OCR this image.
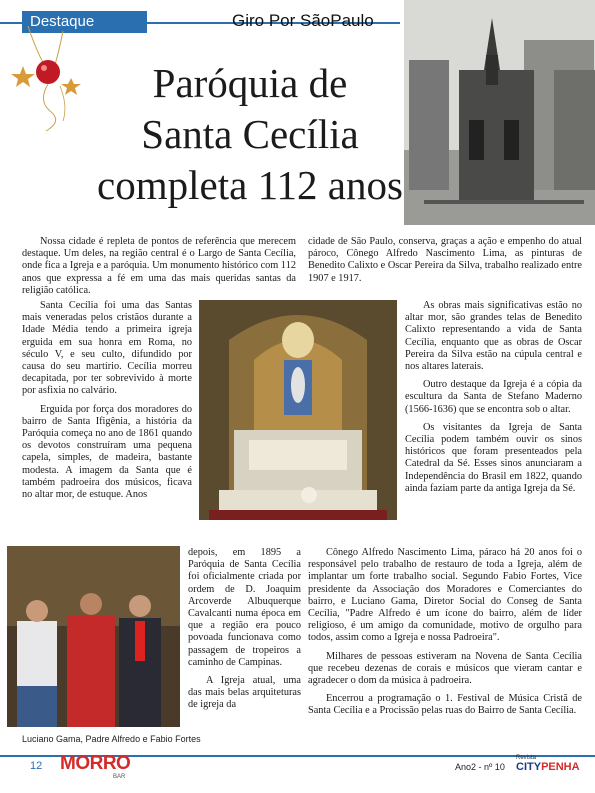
Destaque	Giro Por SãoPaulo
Paróquia de
Santa Cecília
completa 112 anos

Nossa cidade é repleta de pontos de referência que merecem destaque. Um deles, na região central é o Largo de Santa Cecília, onde fica a Igreja e a paróquia. Um monumento histórico com 112 anos que expressa a fé em uma das mais queridas santas da religião católica.

cidade de São Paulo, conserva, graças a ação e empenho do atual pároco, Cônego Alfredo Nascimento Lima, as pinturas de Benedito Calixto e Oscar Pereira da Silva, trabalho realizado entre 1907 e 1917.

Santa Cecília foi uma das Santas mais veneradas pelos cristãos durante a Idade Média tendo a primeira igreja erguida em sua honra em Roma, no século V, e seu culto, difundido por causa do seu martírio. Cecília morreu decapitada, por ter sobrevivido à morte por asfixia no calvário.

Erguida por força dos moradores do bairro de Santa Ifigênia, a história da Paróquia começa no ano de 1861 quando os devotos construíram uma pequena capela, simples, de madeira, bastante modesta. A imagem da Santa que é também padroeira dos músicos, ficava no altar mor, de estuque. Anos

As obras mais significativas estão no altar mor, são grandes telas de Benedito Calixto representando a vida de Santa Cecília, enquanto que as obras de Oscar Pereira da Silva estão na cúpula central e nos altares laterais.

Outro destaque da Igreja é a cópia da escultura da Santa de Stefano Maderno (1566-1636) que se encontra sob o altar.

Os visitantes da Igreja de Santa Cecília podem também ouvir os sinos históricos que foram presenteados pela Catedral da Sé. Esses sinos anunciaram a Independência do Brasil em 1822, quando ainda faziam parte da antiga Igreja da Sé.

Luciano Gama, Padre Alfredo e Fabio Fortes

depois, em 1895 a Paróquia de Santa Cecília foi oficialmente criada por ordem de D. Joaquim Arcoverde Albuquerque Cavalcanti numa época em que a região era pouco povoada funcionava como passagem de tropeiros a caminho de Campinas.

A Igreja atual, uma das mais belas arquiteturas de igreja da

Cônego Alfredo Nascimento Lima, páraco há 20 anos foi o responsável pelo trabalho de restauro de toda a Igreja, além de implantar um forte trabalho social. Segundo Fabio Fortes, Vice presidente da Associação dos Moradores e Comerciantes do bairro, e Luciano Gama, Diretor Social do Conseg de Santa Cecília, "Padre Alfredo é um ícone do bairro, além de líder religioso, é um amigo da comunidade, motivo de orgulho para todos, assim como a Igreja e nossa Padroeira".

Milhares de pessoas estiveram na Novena de Santa Cecília que recebeu dezenas de corais e músicos que vieram cantar e agradecer o dom da música à padroeira.

Encerrou a programação o 1. Festival de Música Cristã de Santa Cecília e a Procissão pelas ruas do Bairro de Santa Cecília.

12 MORRO
BAR
Ano2 - nº 10
Revista
CITYPENHA
